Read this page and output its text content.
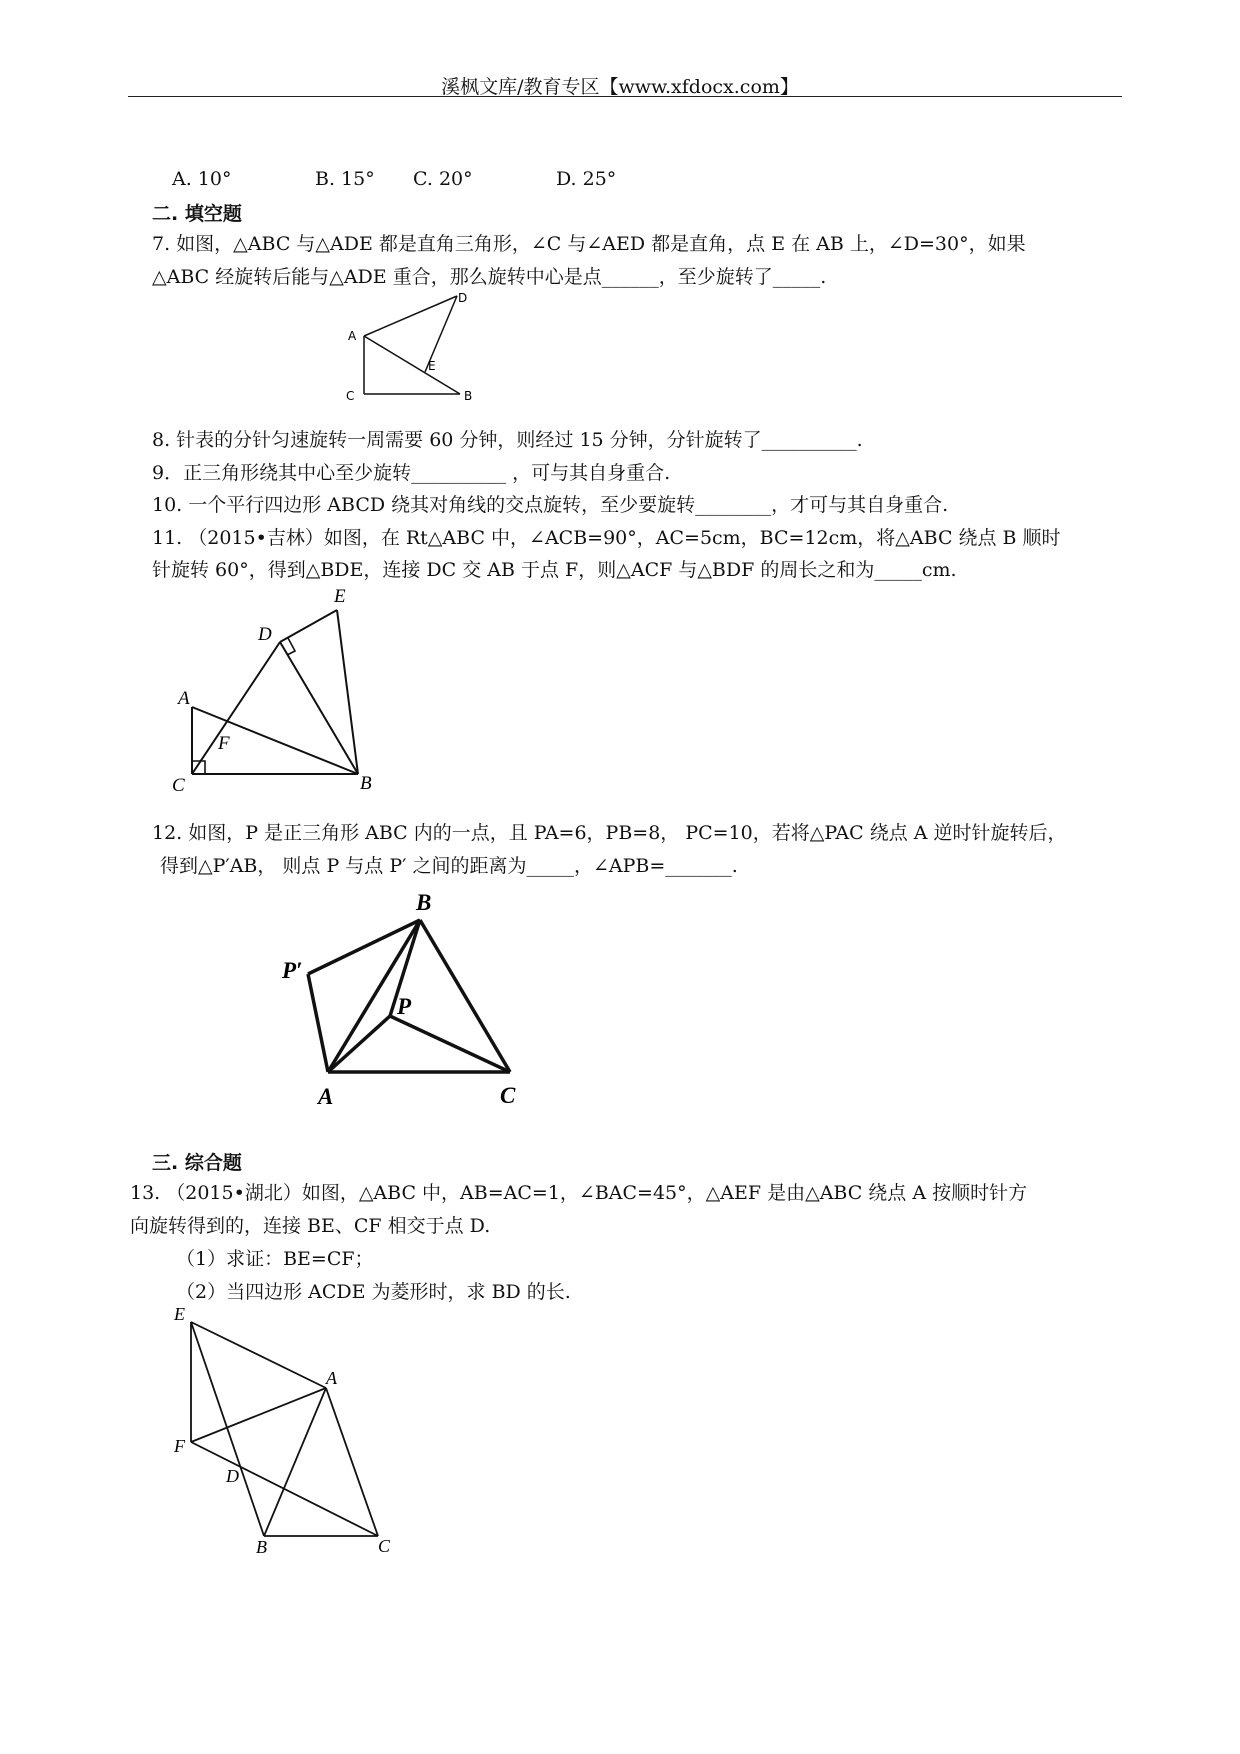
溪枫文库/教育专区【www.xfdocx.com】
A. 10°	B. 15° C. 20°	D. 25°
二. 填空题
7. 如图，△ABC 与△ADE 都是直角三角形，∠C 与∠AED 都是直角，点 E 在 AB 上，∠D=30°，如果
△ABC 经旋转后能与△ADE 重合，那么旋转中心是点______，至少旋转了_____.
A
B
C
D
E
8. 针表的分针匀速旋转一周需要 60 分钟，则经过 15 分钟，分针旋转了__________.
9．正三角形绕其中心至少旋转__________ ，可与其自身重合.
10. 一个平行四边形 ABCD 绕其对角线的交点旋转，至少要旋转________，才可与其自身重合.
11. （2015•吉林）如图，在 Rt△ABC 中，∠ACB=90°，AC=5cm，BC=12cm，将△ABC 绕点 B 顺时
针旋转 60°，得到△BDE，连接 DC 交 AB 于点 F，则△ACF 与△BDF 的周长之和为_____cm.
A
B
C
D
E
F
12. 如图，P 是正三角形 ABC 内的一点，且 PA=6，PB=8， PC=10，若将△PAC 绕点 A 逆时针旋转后，
得到△P′AB， 则点 P 与点 P′ 之间的距离为_____，∠APB=_______.
A
B
C
P
P′
三. 综合题
13. （2015•湖北）如图，△ABC 中，AB=AC=1，∠BAC=45°，△AEF 是由△ABC 绕点 A 按顺时针方
向旋转得到的，连接 BE、CF 相交于点 D.
（1）求证：BE=CF；
（2）当四边形 ACDE 为菱形时，求 BD 的长.
E
F
A
D
B	C
